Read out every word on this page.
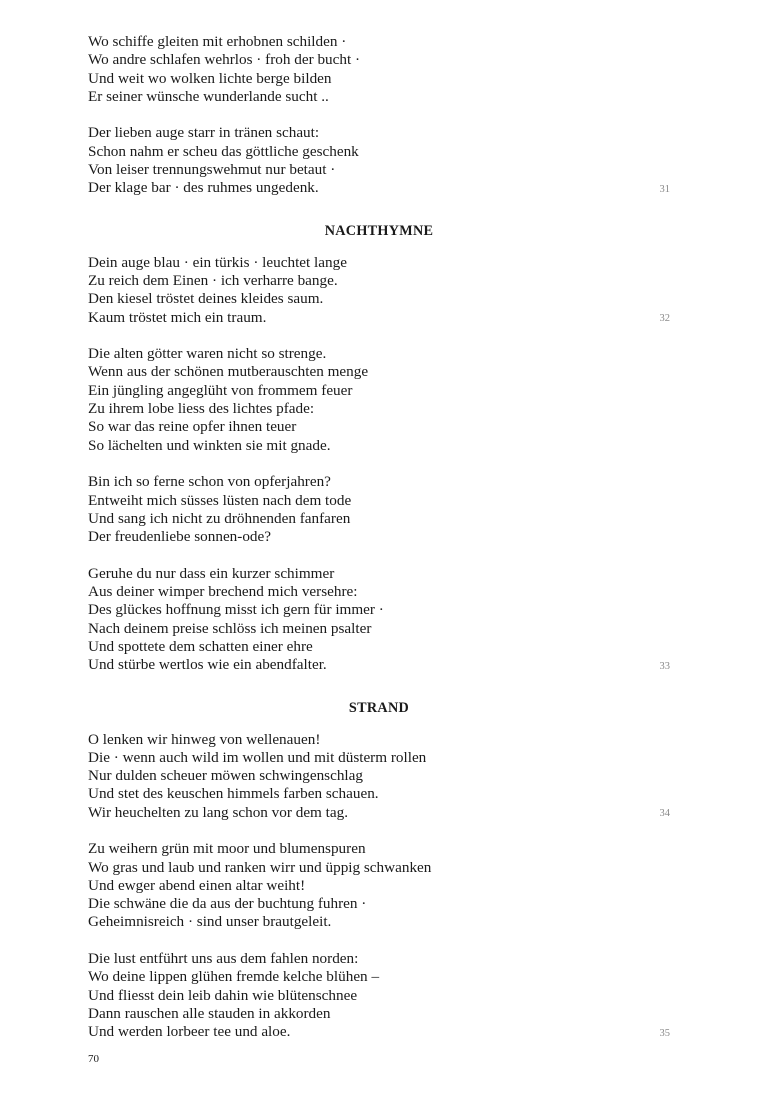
Wo schiffe gleiten mit erhobnen schilden ·
Wo andre schlafen wehrlos · froh der bucht ·
Und weit wo wolken lichte berge bilden
Er seiner wünsche wunderlande sucht ..
Der lieben auge starr in tränen schaut:
Schon nahm er scheu das göttliche geschenk
Von leiser trennungswehmut nur betaut ·
Der klage bar · des ruhmes ungedenk.	31
NACHTHYMNE
Dein auge blau · ein türkis · leuchtet lange
Zu reich dem Einen · ich verharre bange.
Den kiesel tröstet deines kleides saum.
Kaum tröstet mich ein traum.	32
Die alten götter waren nicht so strenge.
Wenn aus der schönen mutberauschten menge
Ein jüngling angeglüht von frommem feuer
Zu ihrem lobe liess des lichtes pfade:
So war das reine opfer ihnen teuer
So lächelten und winkten sie mit gnade.
Bin ich so ferne schon von opferjahren?
Entweiht mich süsses lüsten nach dem tode
Und sang ich nicht zu dröhnenden fanfaren
Der freudenliebe sonnen-ode?
Geruhe du nur dass ein kurzer schimmer
Aus deiner wimper brechend mich versehre:
Des glückes hoffnung misst ich gern für immer ·
Nach deinem preise schlöss ich meinen psalter
Und spottete dem schatten einer ehre
Und stürbe wertlos wie ein abendfalter.	33
STRAND
O lenken wir hinweg von wellenauen!
Die · wenn auch wild im wollen und mit düsterm rollen
Nur dulden scheuer möwen schwingenschlag
Und stet des keuschen himmels farben schauen.
Wir heuchelten zu lang schon vor dem tag.	34
Zu weihern grün mit moor und blumenspuren
Wo gras und laub und ranken wirr und üppig schwanken
Und ewger abend einen altar weiht!
Die schwäne die da aus der buchtung fuhren ·
Geheimnisreich · sind unser brautgeleit.
Die lust entführt uns aus dem fahlen norden:
Wo deine lippen glühen fremde kelche blühen –
Und fliesst dein leib dahin wie blütenschnee
Dann rauschen alle stauden in akkorden
Und werden lorbeer tee und aloe.	35
70
